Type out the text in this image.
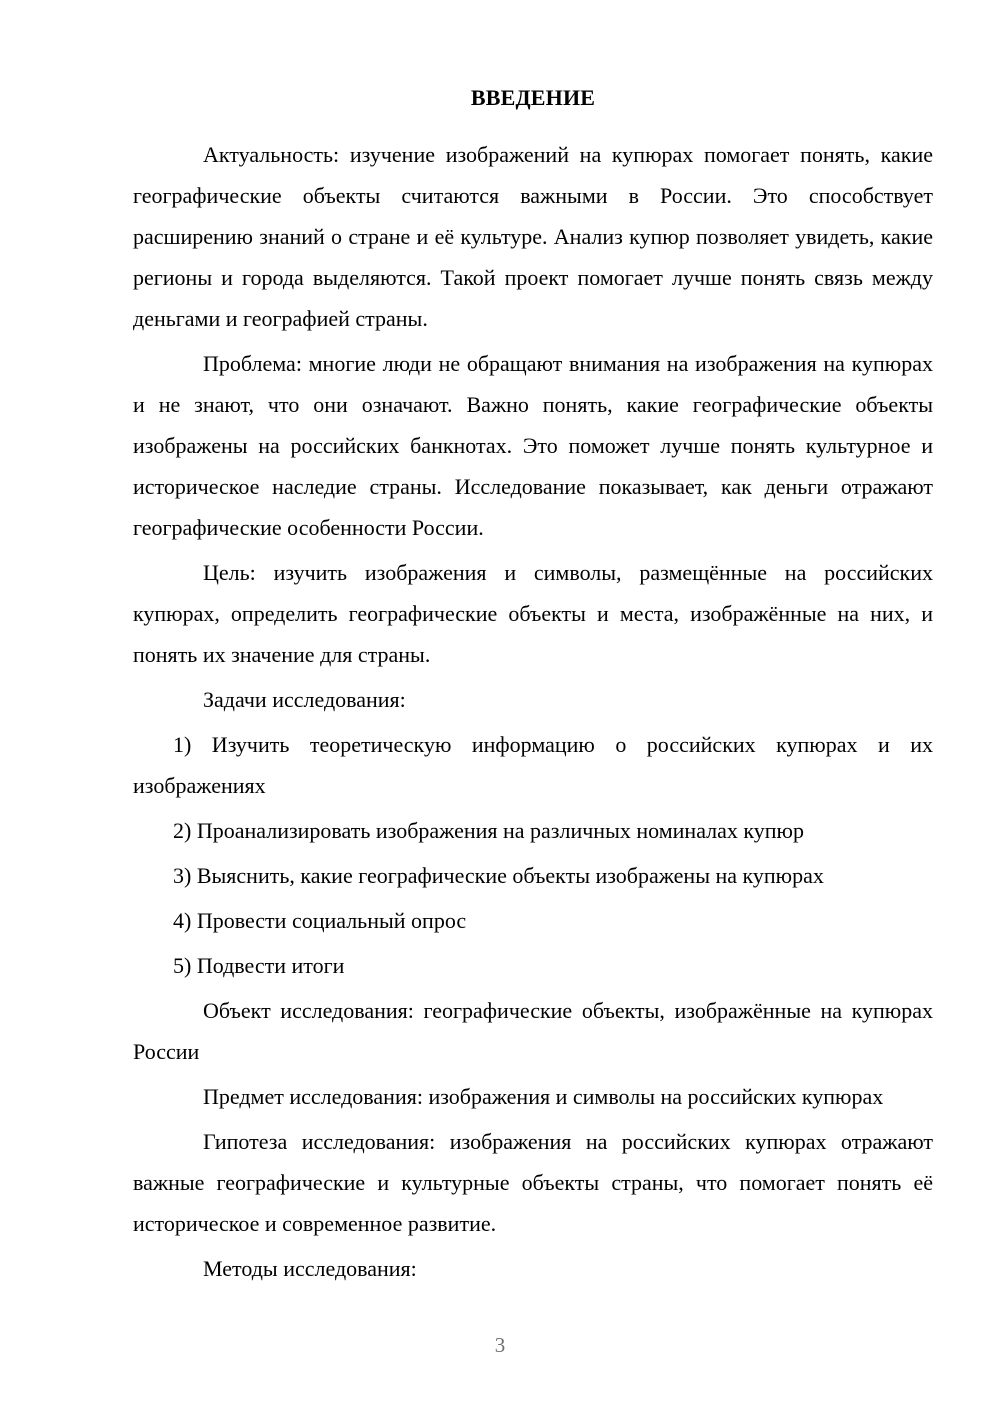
ВВЕДЕНИЕ

Актуальность: изучение изображений на купюрах помогает понять, какие географические объекты считаются важными в России. Это способствует расширению знаний о стране и её культуре. Анализ купюр позволяет увидеть, какие регионы и города выделяются. Такой проект помогает лучше понять связь между деньгами и географией страны.

Проблема: многие люди не обращают внимания на изображения на купюрах и не знают, что они означают. Важно понять, какие географические объекты изображены на российских банкнотах. Это поможет лучше понять культурное и историческое наследие страны. Исследование показывает, как деньги отражают географические особенности России.

Цель: изучить изображения и символы, размещённые на российских купюрах, определить географические объекты и места, изображённые на них, и понять их значение для страны.

Задачи исследования:

1) Изучить теоретическую информацию о российских купюрах и их изображениях

2) Проанализировать изображения на различных номиналах купюр

3) Выяснить, какие географические объекты изображены на купюрах

4) Провести социальный опрос

5) Подвести итоги

Объект исследования: географические объекты, изображённые на купюрах России

Предмет исследования: изображения и символы на российских купюрах

Гипотеза исследования: изображения на российских купюрах отражают важные географические и культурные объекты страны, что помогает понять её историческое и современное развитие.

Методы исследования:

3
